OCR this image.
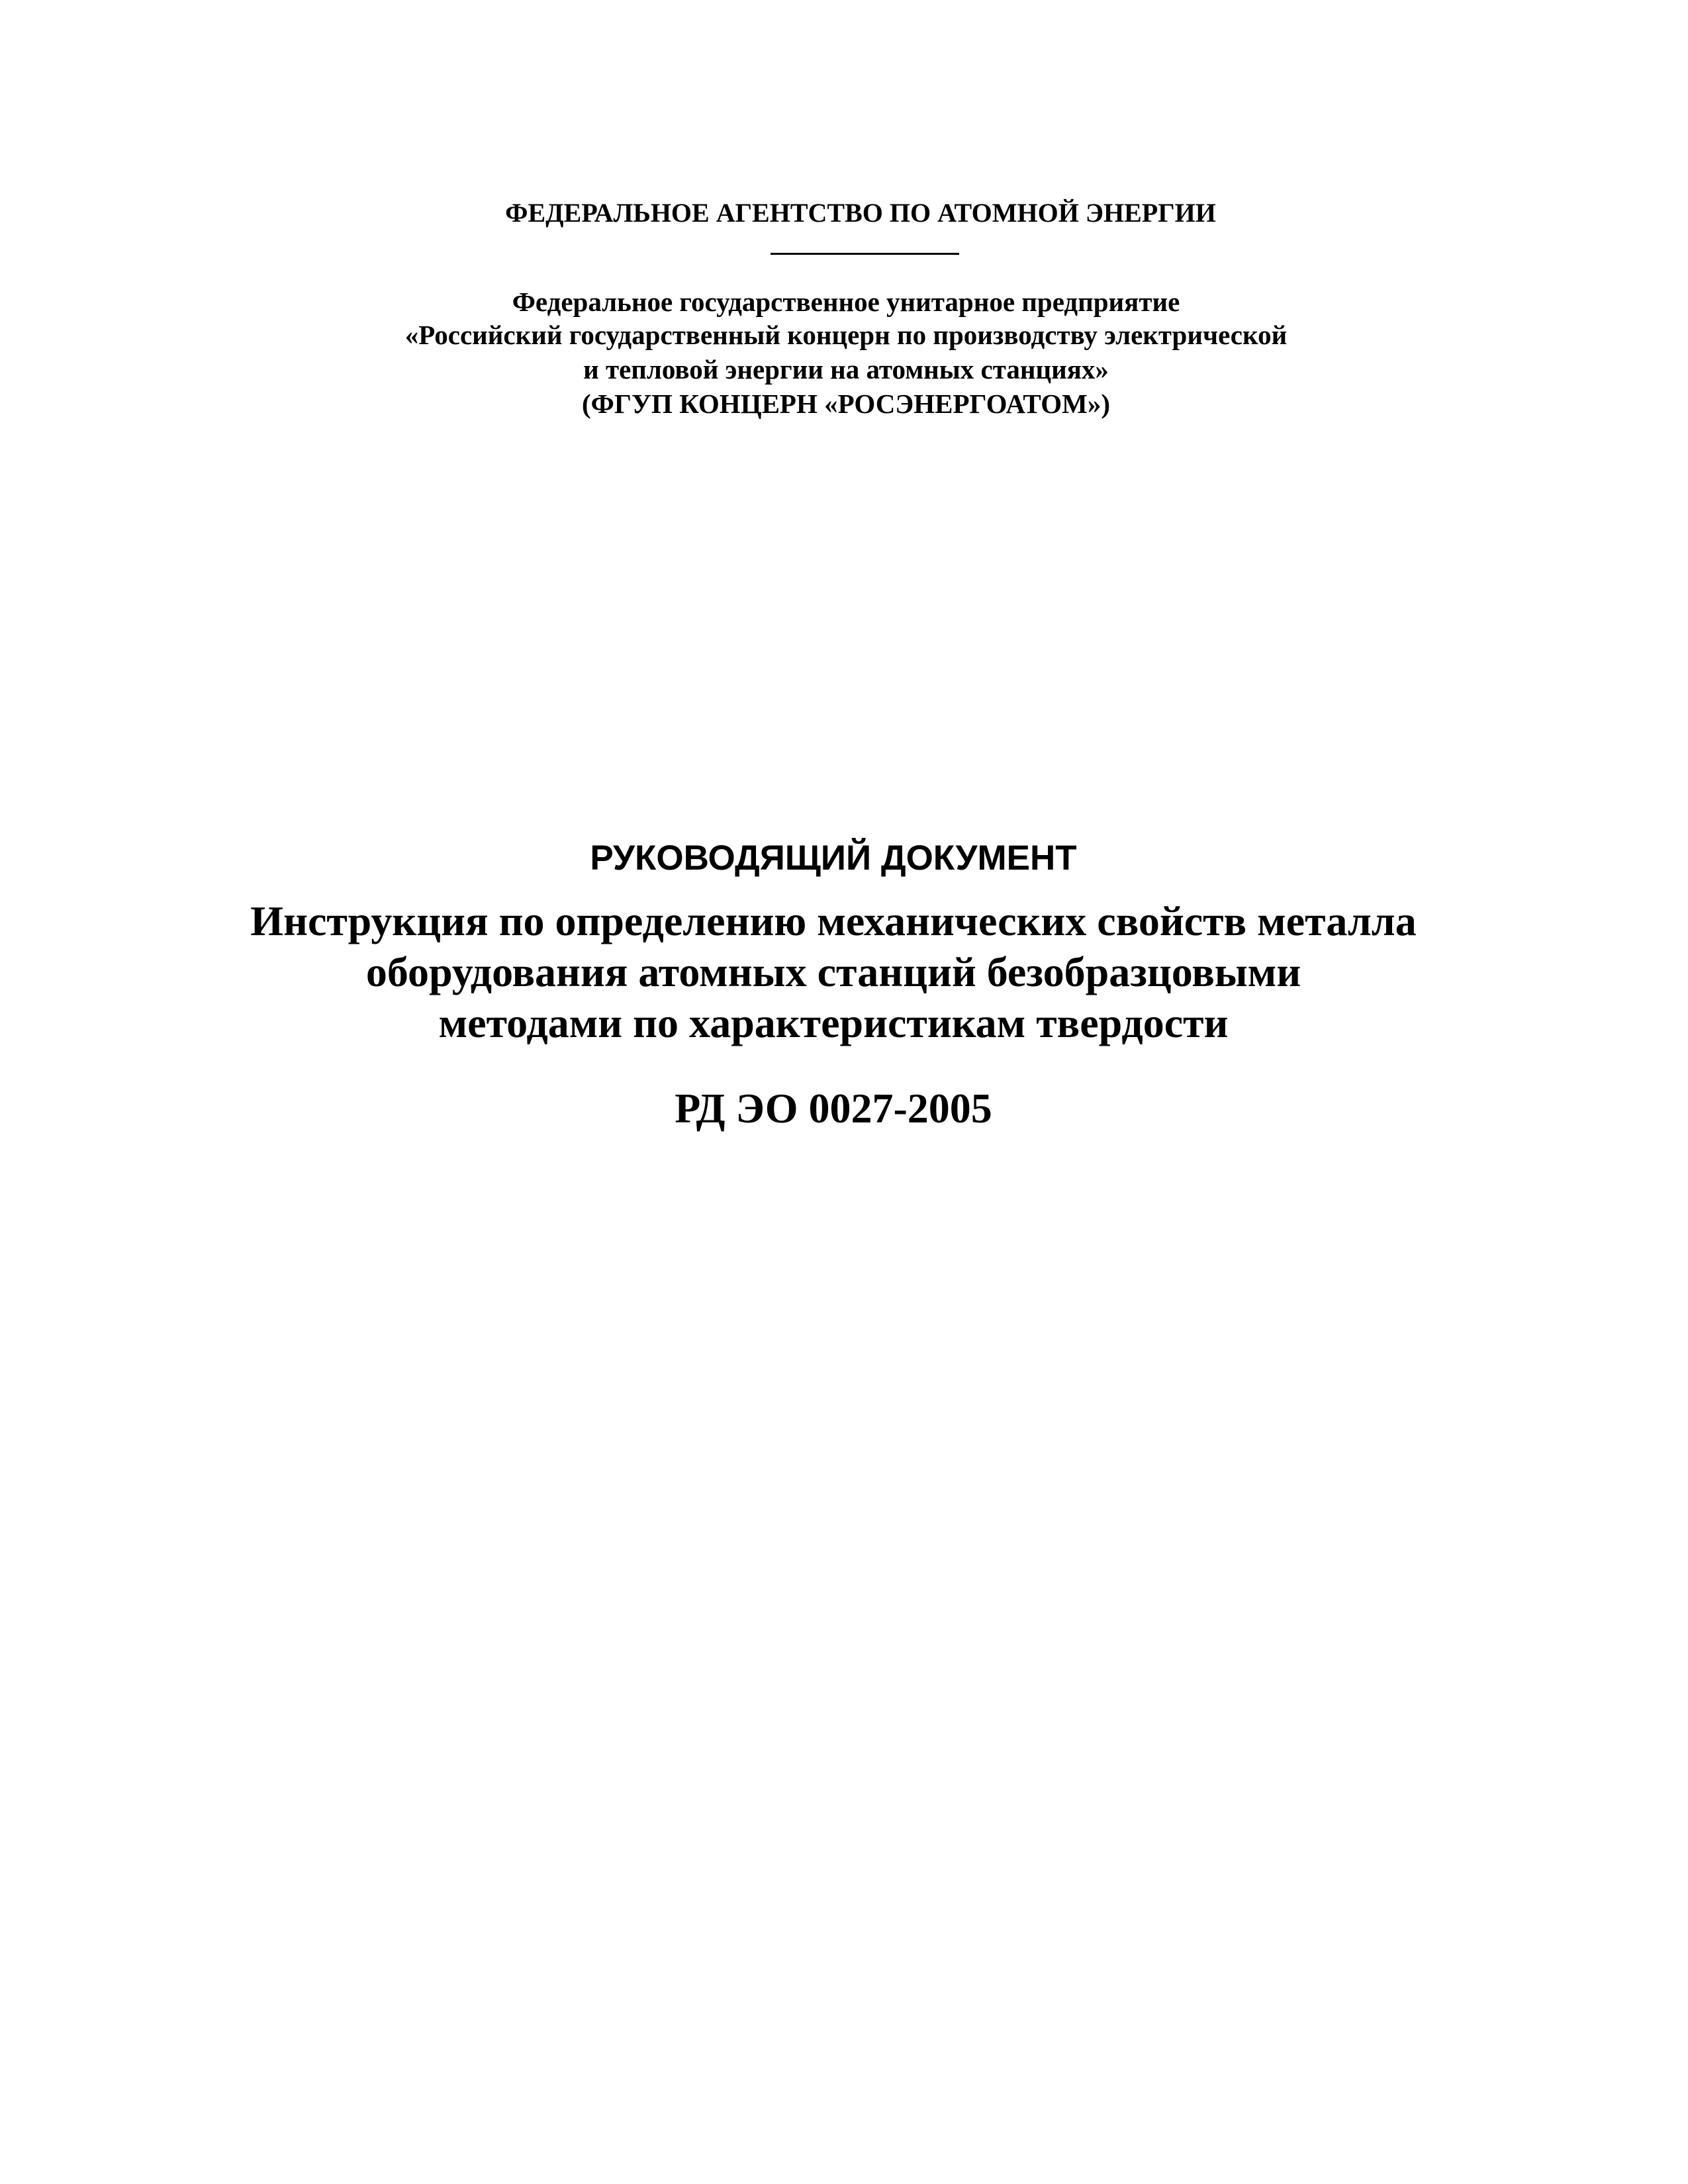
ФЕДЕРАЛЬНОЕ АГЕНТСТВО ПО АТОМНОЙ ЭНЕРГИИ
Федеральное государственное унитарное предприятие
«Российский государственный концерн по производству электрической
и тепловой энергии на атомных станциях»
(ФГУП КОНЦЕРН «РОСЭНЕРГОАТОМ»)
РУКОВОДЯЩИЙ ДОКУМЕНТ
Инструкция по определению механических свойств металла
оборудования атомных станций безобразцовыми
методами по характеристикам твердости
РД ЭО 0027-2005
